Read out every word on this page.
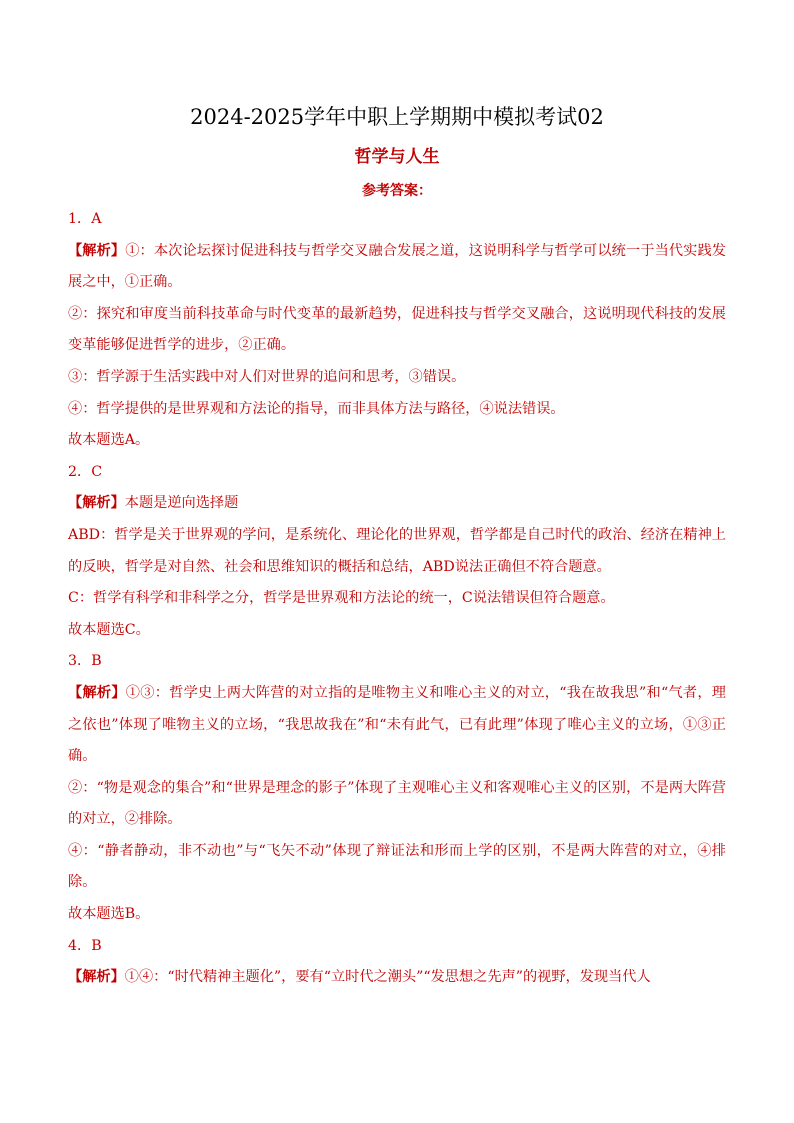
2024-2025学年中职上学期期中模拟考试02
哲学与人生
参考答案：

1．A

【解析】①：本次论坛探讨促进科技与哲学交叉融合发展之道，这说明科学与哲学可以统一于当代实践发展之中，①正确。

②：探究和审度当前科技革命与时代变革的最新趋势，促进科技与哲学交叉融合，这说明现代科技的发展变革能够促进哲学的进步，②正确。

③：哲学源于生活实践中对人们对世界的追问和思考，③错误。

④：哲学提供的是世界观和方法论的指导，而非具体方法与路径，④说法错误。

故本题选A。

2．C

【解析】本题是逆向选择题

ABD：哲学是关于世界观的学问，是系统化、理论化的世界观，哲学都是自己时代的政治、经济在精神上的反映，哲学是对自然、社会和思维知识的概括和总结，ABD说法正确但不符合题意。

C：哲学有科学和非科学之分，哲学是世界观和方法论的统一，C说法错误但符合题意。

故本题选C。

3．B

【解析】①③：哲学史上两大阵营的对立指的是唯物主义和唯心主义的对立，“我在故我思”和“气者，理之依也”体现了唯物主义的立场，“我思故我在”和“未有此气，已有此理”体现了唯心主义的立场，①③正确。

②：“物是观念的集合”和“世界是理念的影子”体现了主观唯心主义和客观唯心主义的区别，不是两大阵营的对立，②排除。

④：“静者静动，非不动也”与“飞矢不动”体现了辩证法和形而上学的区别，不是两大阵营的对立，④排除。

故本题选B。

4．B

【解析】①④：“时代精神主题化”，要有“立时代之潮头”“发思想之先声”的视野，发现当代人
